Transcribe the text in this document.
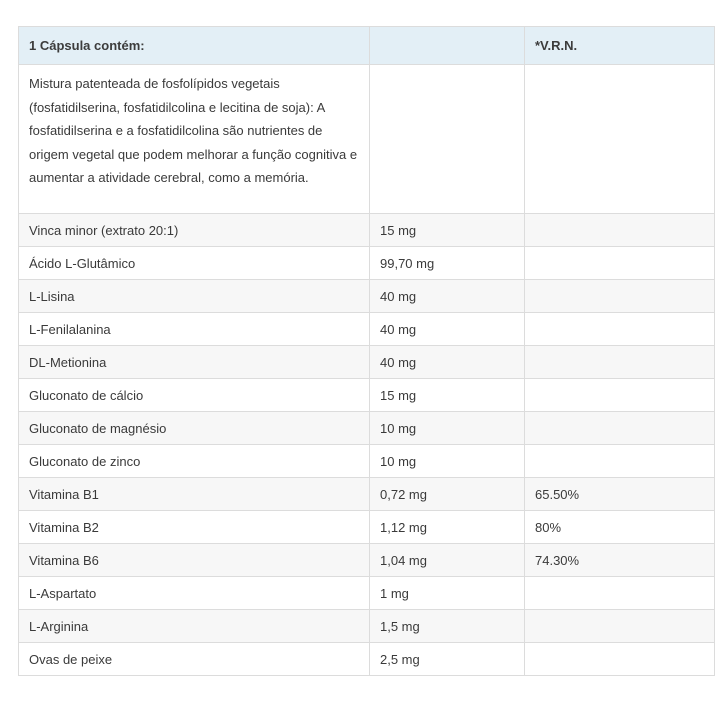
1 Cápsula contém:		*V.R.N.
Mistura patenteada de fosfolípidos vegetais (fosfatidilserina, fosfatidilcolina e lecitina de soja): A fosfatidilserina e a fosfatidilcolina são nutrientes de origem vegetal que podem melhorar a função cognitiva e aumentar a atividade cerebral, como a memória.		
Vinca minor (extrato 20:1)	15 mg	
Ácido L-Glutâmico	99,70 mg	
L-Lisina	40 mg	
L-Fenilalanina	40 mg	
DL-Metionina	40 mg	
Gluconato de cálcio	15 mg	
Gluconato de magnésio	10 mg	
Gluconato de zinco	10 mg	
Vitamina B1	0,72 mg	65.50%
Vitamina B2	1,12 mg	80%
Vitamina B6	1,04 mg	74.30%
L-Aspartato	1 mg	
L-Arginina	1,5 mg	
Ovas de peixe	2,5 mg	
